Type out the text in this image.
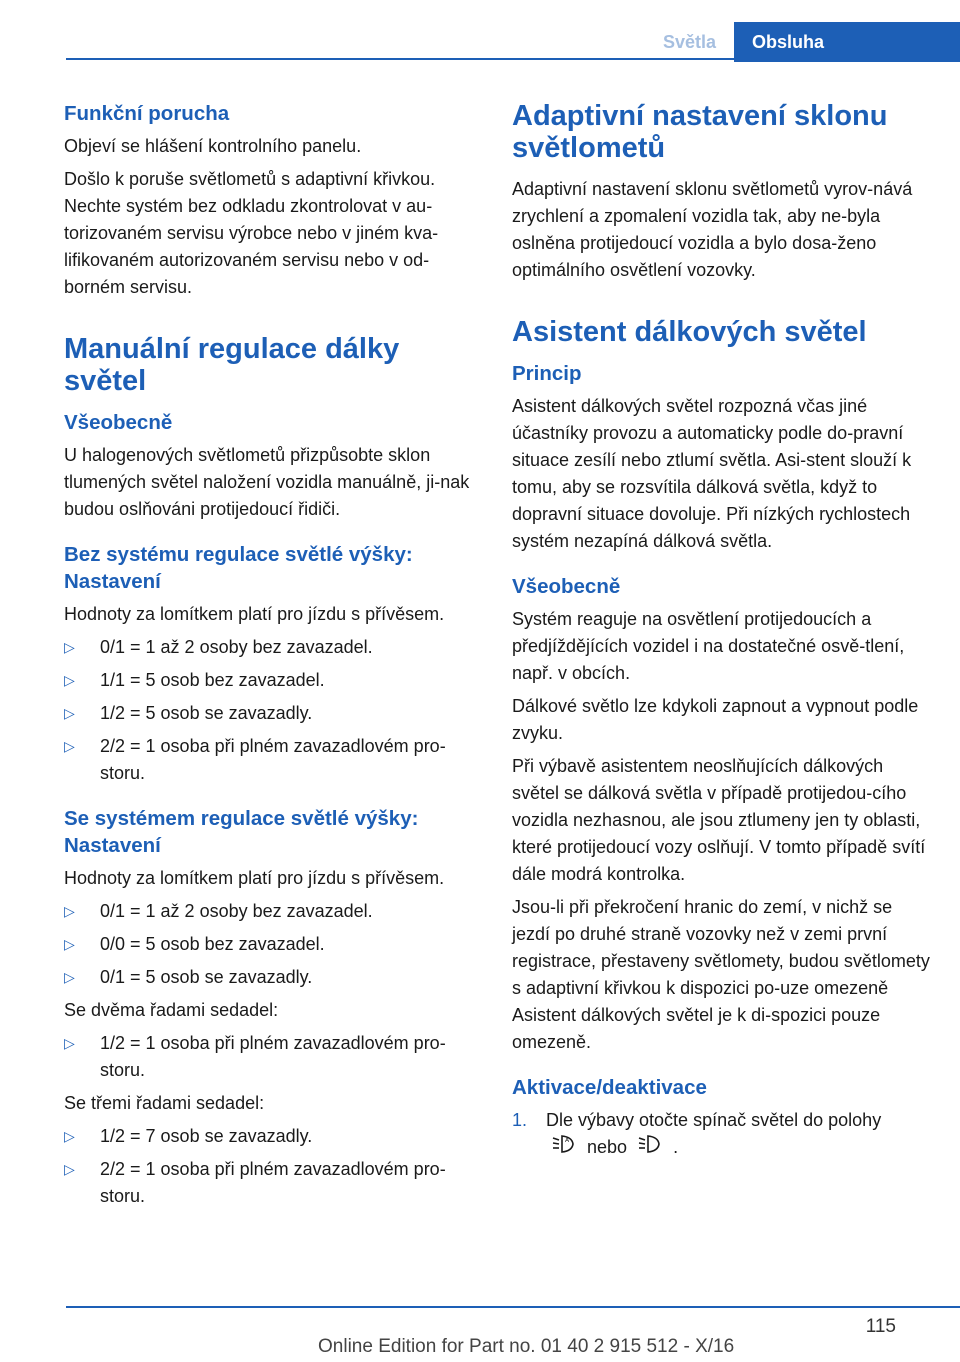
Světla	Obsluha
Funkční porucha

Objeví se hlášení kontrolního panelu.

Došlo k poruše světlometů s adaptivní křivkou. Nechte systém bez odkladu zkontrolovat v au-torizovaném servisu výrobce nebo v jiném kva-lifikovaném autorizovaném servisu nebo v od-borném servisu.

Manuální regulace dálky světel
Všeobecně

U halogenových světlometů přizpůsobte sklon tlumených světel naložení vozidla manuálně, ji-nak budou oslňováni protijedoucí řidiči.

Bez systému regulace světlé výšky: Nastavení

Hodnoty za lomítkem platí pro jízdu s přívěsem.

▷ 0/1 = 1 až 2 osoby bez zavazadel.
▷ 1/1 = 5 osob bez zavazadel.
▷ 1/2 = 5 osob se zavazadly.
▷ 2/2 = 1 osoba při plném zavazadlovém pro-storu.
Se systémem regulace světlé výšky: Nastavení

Hodnoty za lomítkem platí pro jízdu s přívěsem.

▷ 0/1 = 1 až 2 osoby bez zavazadel.
▷ 0/0 = 5 osob bez zavazadel.
▷ 0/1 = 5 osob se zavazadly.

Se dvěma řadami sedadel:

▷ 1/2 = 1 osoba při plném zavazadlovém pro-storu.

Se třemi řadami sedadel:

▷ 1/2 = 7 osob se zavazadly.
▷ 2/2 = 1 osoba při plném zavazadlovém pro-storu.
Adaptivní nastavení sklonu světlometů

Adaptivní nastavení sklonu světlometů vyrov-nává zrychlení a zpomalení vozidla tak, aby ne-byla oslněna protijedoucí vozidla a bylo dosa-ženo optimálního osvětlení vozovky.

Asistent dálkových světel
Princip

Asistent dálkových světel rozpozná včas jiné účastníky provozu a automaticky podle do-pravní situace zesílí nebo ztlumí světla. Asi-stent slouží k tomu, aby se rozsvítila dálková světla, když to dopravní situace dovoluje. Při nízkých rychlostech systém nezapíná dálková světla.

Všeobecně

Systém reaguje na osvětlení protijedoucích a předjíždějících vozidel i na dostatečné osvě-tlení, např. v obcích.

Dálkové světlo lze kdykoli zapnout a vypnout podle zvyku.

Při výbavě asistentem neoslňujících dálkových světel se dálková světla v případě protijedou-cího vozidla nezhasnou, ale jsou ztlumeny jen ty oblasti, které protijedoucí vozy oslňují. V tomto případě svítí dále modrá kontrolka.

Jsou-li při překročení hranic do zemí, v nichž se jezdí po druhé straně vozovky než v zemi první registrace, přestaveny světlomety, budou světlomety s adaptivní křivkou k dispozici po-uze omezeně Asistent dálkových světel je k di-spozici pouze omezeně.

Aktivace/deaktivace
1. Dle výbavy otočte spínač světel do polohy

A nebo	.
115
Online Edition for Part no. 01 40 2 915 512 - X/16
